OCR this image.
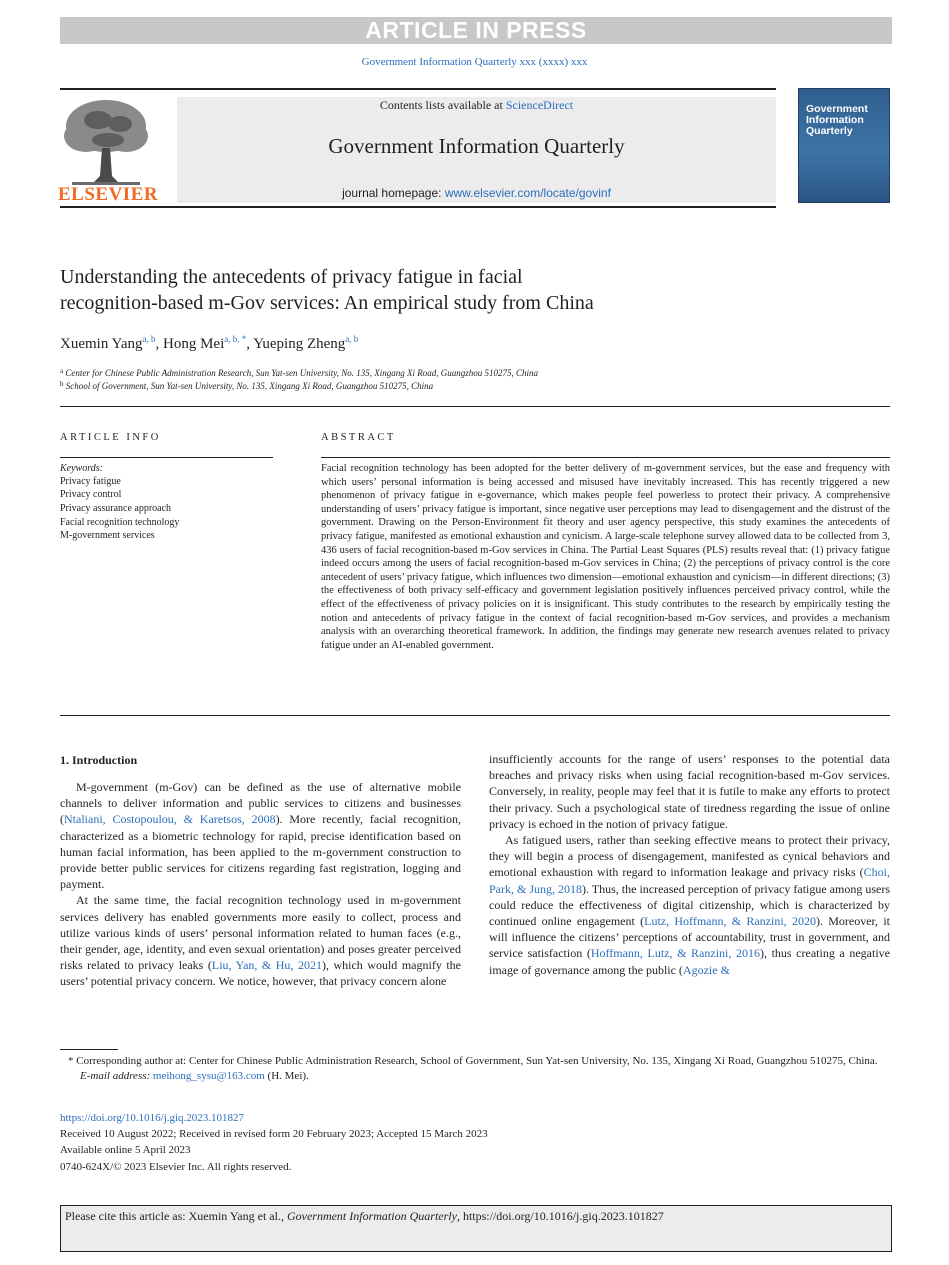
ARTICLE IN PRESS
Government Information Quarterly xxx (xxxx) xxx
Contents lists available at ScienceDirect
Government Information Quarterly
journal homepage: www.elsevier.com/locate/govinf
ELSEVIER
Government Information Quarterly
Understanding the antecedents of privacy fatigue in facial
recognition-based m-Gov services: An empirical study from China
Xuemin Yang$^{a, b}$, Hong Mei$^{a, b, *}$, Yueping Zheng$^{a, b}$
$^a$ Center for Chinese Public Administration Research, Sun Yat-sen University, No. 135, Xingang Xi Road, Guangzhou 510275, China
$^b$ School of Government, Sun Yat-sen University, No. 135, Xingang Xi Road, Guangzhou 510275, China
ARTICLE INFO
Keywords:
Privacy fatigue
Privacy control
Privacy assurance approach
Facial recognition technology
M-government services
ABSTRACT
Facial recognition technology has been adopted for the better delivery of m-government services, but the ease and frequency with which users’ personal information is being accessed and misused have inevitably increased. This has recently triggered a new phenomenon of privacy fatigue in e-governance, which makes people feel powerless to protect their privacy. A comprehensive understanding of users’ privacy fatigue is important, since negative user perceptions may lead to disengagement and the distrust of the government. Drawing on the Person-Environment fit theory and user agency perspective, this study examines the antecedents of privacy fatigue, manifested as emotional exhaustion and cynicism. A large-scale telephone survey allowed data to be collected from 3, 436 users of facial recognition-based m-Gov services in China. The Partial Least Squares (PLS) results reveal that: (1) privacy fatigue indeed occurs among the users of facial recognition-based m-Gov services in China; (2) the perceptions of privacy control is the core antecedent of users’ privacy fatigue, which influences two dimension—emotional exhaustion and cynicism—in different directions; (3) the effectiveness of both privacy self-efficacy and government legislation positively influences perceived privacy control, while the effect of the effectiveness of privacy policies on it is insignificant. This study contributes to the research by empirically testing the notion and antecedents of privacy fatigue in the context of facial recognition-based m-Gov services, and provides a mechanism analysis with an overarching theoretical framework. In addition, the findings may generate new research avenues related to privacy fatigue under an AI-enabled government.
1. Introduction

M-government (m-Gov) can be defined as the use of alternative mobile channels to deliver information and public services to citizens and businesses (Ntaliani, Costopoulou, & Karetsos, 2008). More recently, facial recognition, characterized as a biometric technology for rapid, precise identification based on human facial information, has been applied to the m-government construction to provide better public services for citizens regarding fast registration, logging and payment.

At the same time, the facial recognition technology used in m-government services delivery has enabled governments more easily to collect, process and utilize various kinds of users’ personal information related to human faces (e.g., their gender, age, identity, and even sexual orientation) and poses greater perceived risks related to privacy leaks (Liu, Yan, & Hu, 2021), which would magnify the users’ potential privacy concern. We notice, however, that privacy concern alone

insufficiently accounts for the range of users’ responses to the potential data breaches and privacy risks when using facial recognition-based m-Gov services. Conversely, in reality, people may feel that it is futile to make any efforts to protect their privacy. Such a psychological state of tiredness regarding the issue of online privacy is echoed in the notion of privacy fatigue.

As fatigued users, rather than seeking effective means to protect their privacy, they will begin a process of disengagement, manifested as cynical behaviors and emotional exhaustion with regard to information leakage and privacy risks (Choi, Park, & Jung, 2018). Thus, the increased perception of privacy fatigue among users could reduce the effectiveness of digital citizenship, which is characterized by continued online engagement (Lutz, Hoffmann, & Ranzini, 2020). Moreover, it will influence the citizens’ perceptions of accountability, trust in government, and service satisfaction (Hoffmann, Lutz, & Ranzini, 2016), thus creating a negative image of governance among the public (Agozie &

* Corresponding author at: Center for Chinese Public Administration Research, School of Government, Sun Yat-sen University, No. 135, Xingang Xi Road, Guangzhou 510275, China.
E-mail address: meihong_sysu@163.com (H. Mei).
https://doi.org/10.1016/j.giq.2023.101827
Received 10 August 2022; Received in revised form 20 February 2023; Accepted 15 March 2023
Available online 5 April 2023
0740-624X/© 2023 Elsevier Inc. All rights reserved.
Please cite this article as: Xuemin Yang et al., Government Information Quarterly, https://doi.org/10.1016/j.giq.2023.101827
